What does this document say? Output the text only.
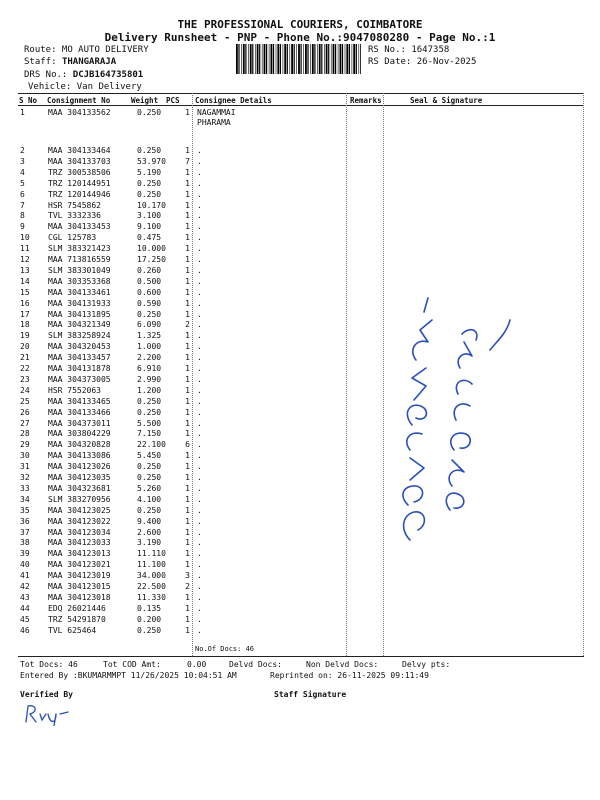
THE PROFESSIONAL COURIERS, COIMBATORE
Delivery Runsheet - PNP - Phone No.:9047080280 - Page No.:1
Route: MO AUTO DELIVERY
Staff: THANGARAJA
DRS No.: DCJB164735801
Vehicle: Van Delivery
RS No.: 1647358
RS Date: 26-Nov-2025
S No Consignment No	Weight PCS Consignee Details	Remarks	Seal & Signature
1	MAA 304133562	0.250	1 NAGAMMAI PHARAMA
2	MAA 304133464	0.250	1 .
3	MAA 304133703	53.970	7 .
4	TRZ 300538506	5.190	1 .
5	TRZ 120144951	0.250	1 .
6	TRZ 120144946	0.250	1 .
7	HSR 7545862	10.170	1 .
8	TVL 3332336	3.100	1 .
9	MAA 304133453	9.100	1 .
10	CGL 125783	0.475	1 .
11	SLM 383321423	10.000	1 .
12	MAA 713816559	17.250	1 .
13	SLM 383301049	0.260	1 .
14	MAA 303353368	0.500	1 .
15	MAA 304133461	0.600	1 .
16	MAA 304131933	0.590	1 .
17	MAA 304131895	0.250	1 .
18	MAA 304321349	6.090	2 .
19	SLM 383258924	1.325	1 .
20	MAA 304320453	1.000	1 .
21	MAA 304133457	2.200	1 .
22	MAA 304131878	6.910	1 .
23	MAA 304373005	2.990	1 .
24	HSR 7552063	1.200	1 .
25	MAA 304133465	0.250	1 .
26	MAA 304133466	0.250	1 .
27	MAA 304373011	5.500	1 .
28	MAA 303804229	7.150	1 .
29	MAA 304320828	22.100	6 .
30	MAA 304133086	5.450	1 .
31	MAA 304123026	0.250	1 .
32	MAA 304123035	0.250	1 .
33	MAA 304323681	5.260	1 .
34	SLM 383270956	4.100	1 .
35	MAA 304123025	0.250	1 .
36	MAA 304123022	9.400	1 .
37	MAA 304123034	2.600	1 .
38	MAA 304123033	3.190	1 .
39	MAA 304123013	11.110	1 .
40	MAA 304123021	11.100	1 .
41	MAA 304123019	34.000	3 .
42	MAA 304123015	22.500	2 .
43	MAA 304123018	11.330	1 .
44	EDQ 26021446	0.135	1 .
45	TRZ 54291870	0.200	1 .
46	TVL 625464	0.250	1 .
No.Of Docs: 46
Tot Docs: 46	Tot COD Amt:	0.00	Delvd Docs:	Non Delvd Docs:	Delvy pts:
Entered By :BKUMARMMPT 11/26/2025 10:04:51 AM	Reprinted on: 26-11-2025 09:11:49
Verified By	Staff Signature
